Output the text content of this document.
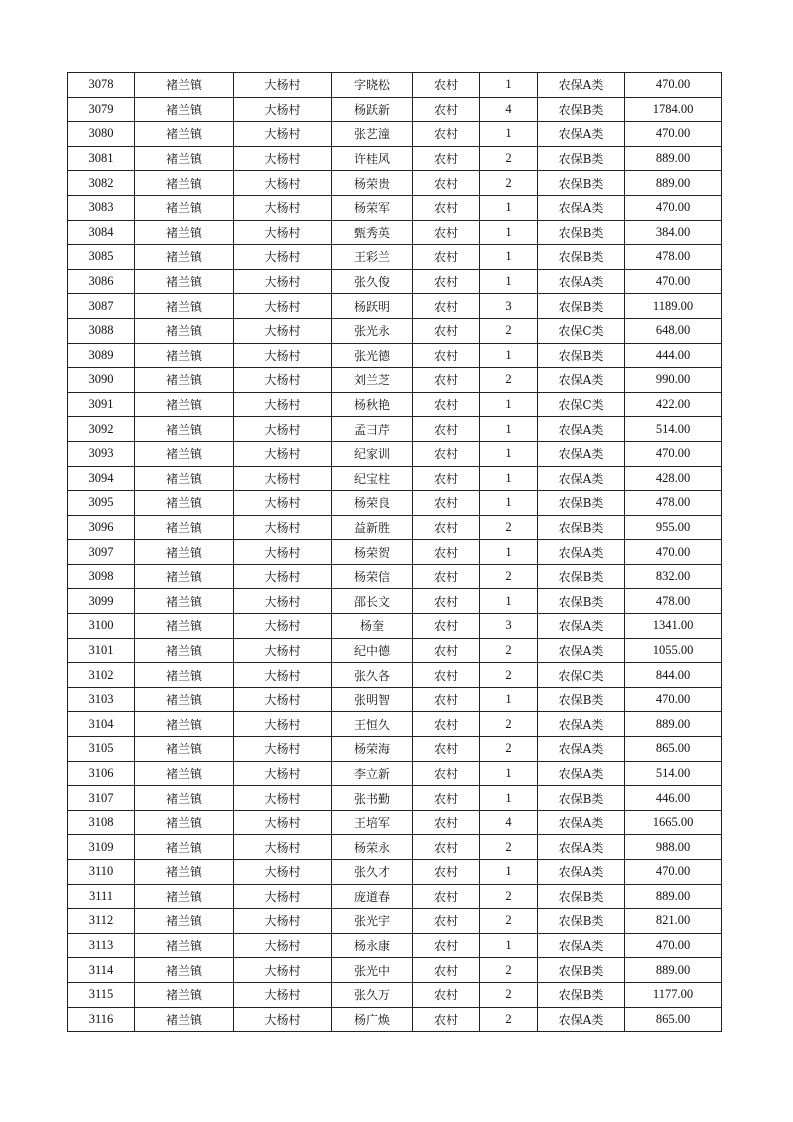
3078	褚兰镇	大杨村	字晓松	农村	1	农保A类	470.00
3079	褚兰镇	大杨村	杨跃新	农村	4	农保B类	1784.00
3080	褚兰镇	大杨村	张艺潼	农村	1	农保A类	470.00
3081	褚兰镇	大杨村	许桂风	农村	2	农保B类	889.00
3082	褚兰镇	大杨村	杨荣贵	农村	2	农保B类	889.00
3083	褚兰镇	大杨村	杨荣军	农村	1	农保A类	470.00
3084	褚兰镇	大杨村	甄秀英	农村	1	农保B类	384.00
3085	褚兰镇	大杨村	王彩兰	农村	1	农保B类	478.00
3086	褚兰镇	大杨村	张久俊	农村	1	农保A类	470.00
3087	褚兰镇	大杨村	杨跃明	农村	3	农保B类	1189.00
3088	褚兰镇	大杨村	张光永	农村	2	农保C类	648.00
3089	褚兰镇	大杨村	张光德	农村	1	农保B类	444.00
3090	褚兰镇	大杨村	刘兰芝	农村	2	农保A类	990.00
3091	褚兰镇	大杨村	杨秋艳	农村	1	农保C类	422.00
3092	褚兰镇	大杨村	孟彐芹	农村	1	农保A类	514.00
3093	褚兰镇	大杨村	纪家训	农村	1	农保A类	470.00
3094	褚兰镇	大杨村	纪宝柱	农村	1	农保A类	428.00
3095	褚兰镇	大杨村	杨荣良	农村	1	农保B类	478.00
3096	褚兰镇	大杨村	益新胜	农村	2	农保B类	955.00
3097	褚兰镇	大杨村	杨荣贺	农村	1	农保A类	470.00
3098	褚兰镇	大杨村	杨荣信	农村	2	农保B类	832.00
3099	褚兰镇	大杨村	邵长文	农村	1	农保B类	478.00
3100	褚兰镇	大杨村	杨奎	农村	3	农保A类	1341.00
3101	褚兰镇	大杨村	纪中德	农村	2	农保A类	1055.00
3102	褚兰镇	大杨村	张久各	农村	2	农保C类	844.00
3103	褚兰镇	大杨村	张明智	农村	1	农保B类	470.00
3104	褚兰镇	大杨村	王恒久	农村	2	农保A类	889.00
3105	褚兰镇	大杨村	杨荣海	农村	2	农保A类	865.00
3106	褚兰镇	大杨村	李立新	农村	1	农保A类	514.00
3107	褚兰镇	大杨村	张书勤	农村	1	农保B类	446.00
3108	褚兰镇	大杨村	王培军	农村	4	农保A类	1665.00
3109	褚兰镇	大杨村	杨荣永	农村	2	农保A类	988.00
3110	褚兰镇	大杨村	张久才	农村	1	农保A类	470.00
3111	褚兰镇	大杨村	庞道春	农村	2	农保B类	889.00
3112	褚兰镇	大杨村	张光宇	农村	2	农保B类	821.00
3113	褚兰镇	大杨村	杨永康	农村	1	农保A类	470.00
3114	褚兰镇	大杨村	张光中	农村	2	农保B类	889.00
3115	褚兰镇	大杨村	张久万	农村	2	农保B类	1177.00
3116	褚兰镇	大杨村	杨广焕	农村	2	农保A类	865.00
